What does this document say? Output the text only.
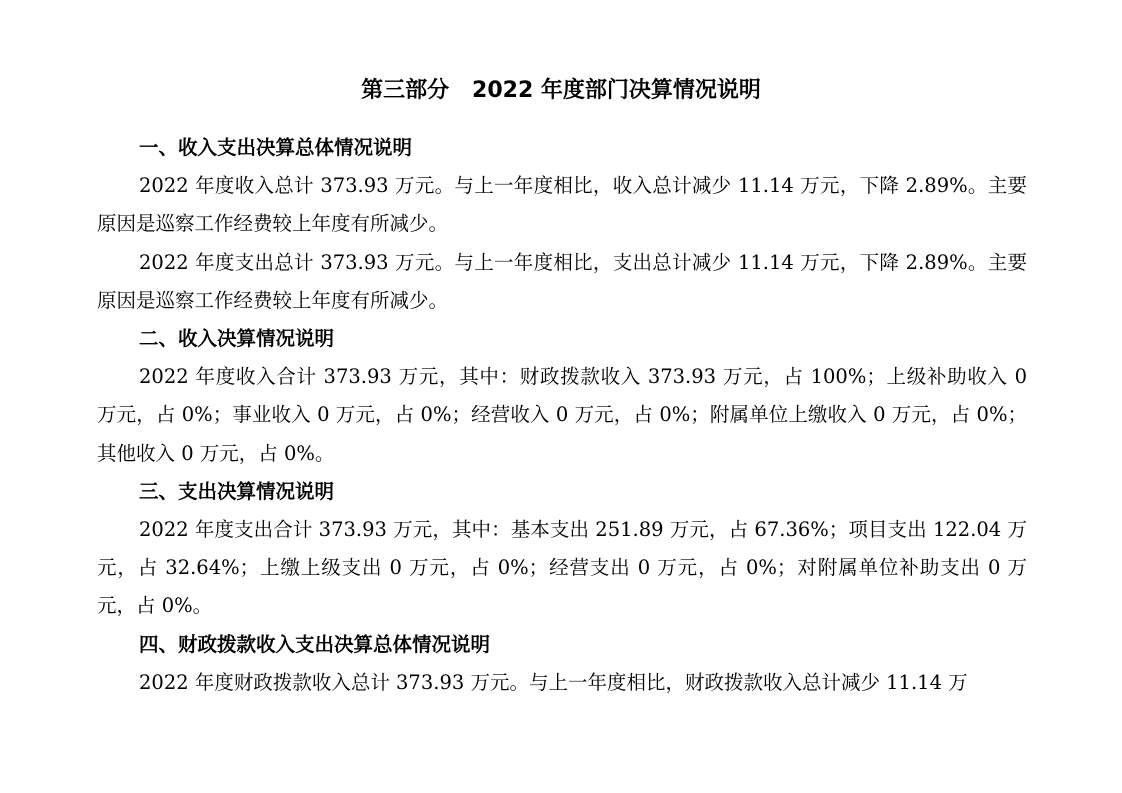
第三部分   2022 年度部门决算情况说明
一、收入支出决算总体情况说明

2022 年度收入总计 373.93 万元。与上一年度相比，收入总计减少 11.14 万元，下降 2.89%。主要原因是巡察工作经费较上年度有所减少。

2022 年度支出总计 373.93 万元。与上一年度相比，支出总计减少 11.14 万元，下降 2.89%。主要原因是巡察工作经费较上年度有所减少。

二、收入决算情况说明

2022 年度收入合计 373.93 万元，其中：财政拨款收入 373.93 万元，占 100%；上级补助收入 0 万元，占 0%；事业收入 0 万元，占 0%；经营收入 0 万元，占 0%；附属单位上缴收入 0 万元，占 0%；其他收入 0 万元，占 0%。

三、支出决算情况说明

2022 年度支出合计 373.93 万元，其中：基本支出 251.89 万元，占 67.36%；项目支出 122.04 万元，占 32.64%；上缴上级支出 0 万元，占 0%；经营支出 0 万元，占 0%；对附属单位补助支出 0 万元，占 0%。

四、财政拨款收入支出决算总体情况说明

2022 年度财政拨款收入总计 373.93 万元。与上一年度相比，财政拨款收入总计减少 11.14 万
